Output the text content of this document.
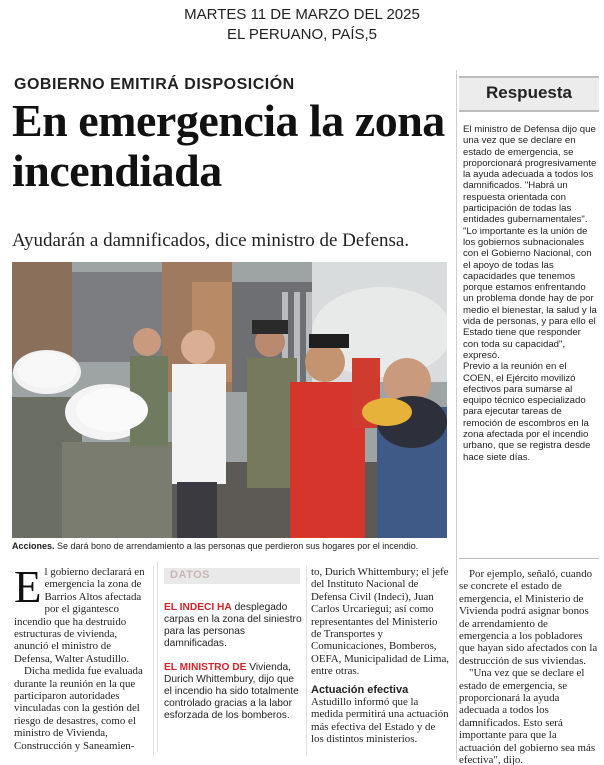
MARTES 11 DE MARZO DEL 2025
EL PERUANO, PAÍS,5
GOBIERNO EMITIRÁ DISPOSICIÓN
En emergencia la zona incendiada
Ayudarán a damnificados, dice ministro de Defensa.
Acciones. Se dará bono de arrendamiento a las personas que perdieron sus hogares por el incendio.
Respuesta

El ministro de Defensa dijo que una vez que se declare en estado de emergencia, se proporcionará progresivamente la ayuda adecuada a todos los damnificados. "Habrá un respuesta orientada con participación de todas las entidades gubernamentales".

"Lo importante es la unión de los gobiernos subnacionales con el Gobierno Nacional, con el apoyo de todas las capacidades que tenemos porque estamos enfrentando un problema donde hay de por medio el bienestar, la salud y la vida de personas, y para ello el Estado tiene que responder con toda su capacidad", expresó.

Previo a la reunión en el COEN, el Ejército movilizó efectivos para sumarse al equipo técnico especializado para ejecutar tareas de remoción de escombros en la zona afectada por el incendio urbano, que se registra desde hace siete días.

El gobierno declarará en emergencia la zona de Barrios Altos afectada por el gigantesco incendio que ha destruido estructuras de vivienda, anunció el ministro de Defensa, Walter Astudillo.

Dicha medida fue evaluada durante la reunión en la que participaron autoridades vinculadas con la gestión del riesgo de desastres, como el ministro de Vivienda, Construcción y Saneamien-

DATOS
EL INDECI HA desplegado carpas en la zona del siniestro para las personas damnificadas.
EL MINISTRO DE Vivienda, Durich Whittembury, dijo que el incendio ha sido totalmente controlado gracias a la labor esforzada de los bomberos.

to, Durich Whittembury; el jefe del Instituto Nacional de Defensa Civil (Indeci), Juan Carlos Urcariegui; así como representantes del Ministerio de Transportes y Comunicaciones, Bomberos, OEFA, Municipalidad de Lima, entre otras.

Actuación efectiva

Astudillo informó que la medida permitirá una actuación más efectiva del Estado y de los distintos ministerios.

Por ejemplo, señaló, cuando se concrete el estado de emergencia, el Ministerio de Vivienda podrá asignar bonos de arrendamiento de emergencia a los pobladores que hayan sido afectados con la destrucción de sus viviendas.

"Una vez que se declare el estado de emergencia, se proporcionará la ayuda adecuada a todos los damnificados. Esto será importante para que la actuación del gobierno sea más efectiva", dijo.
